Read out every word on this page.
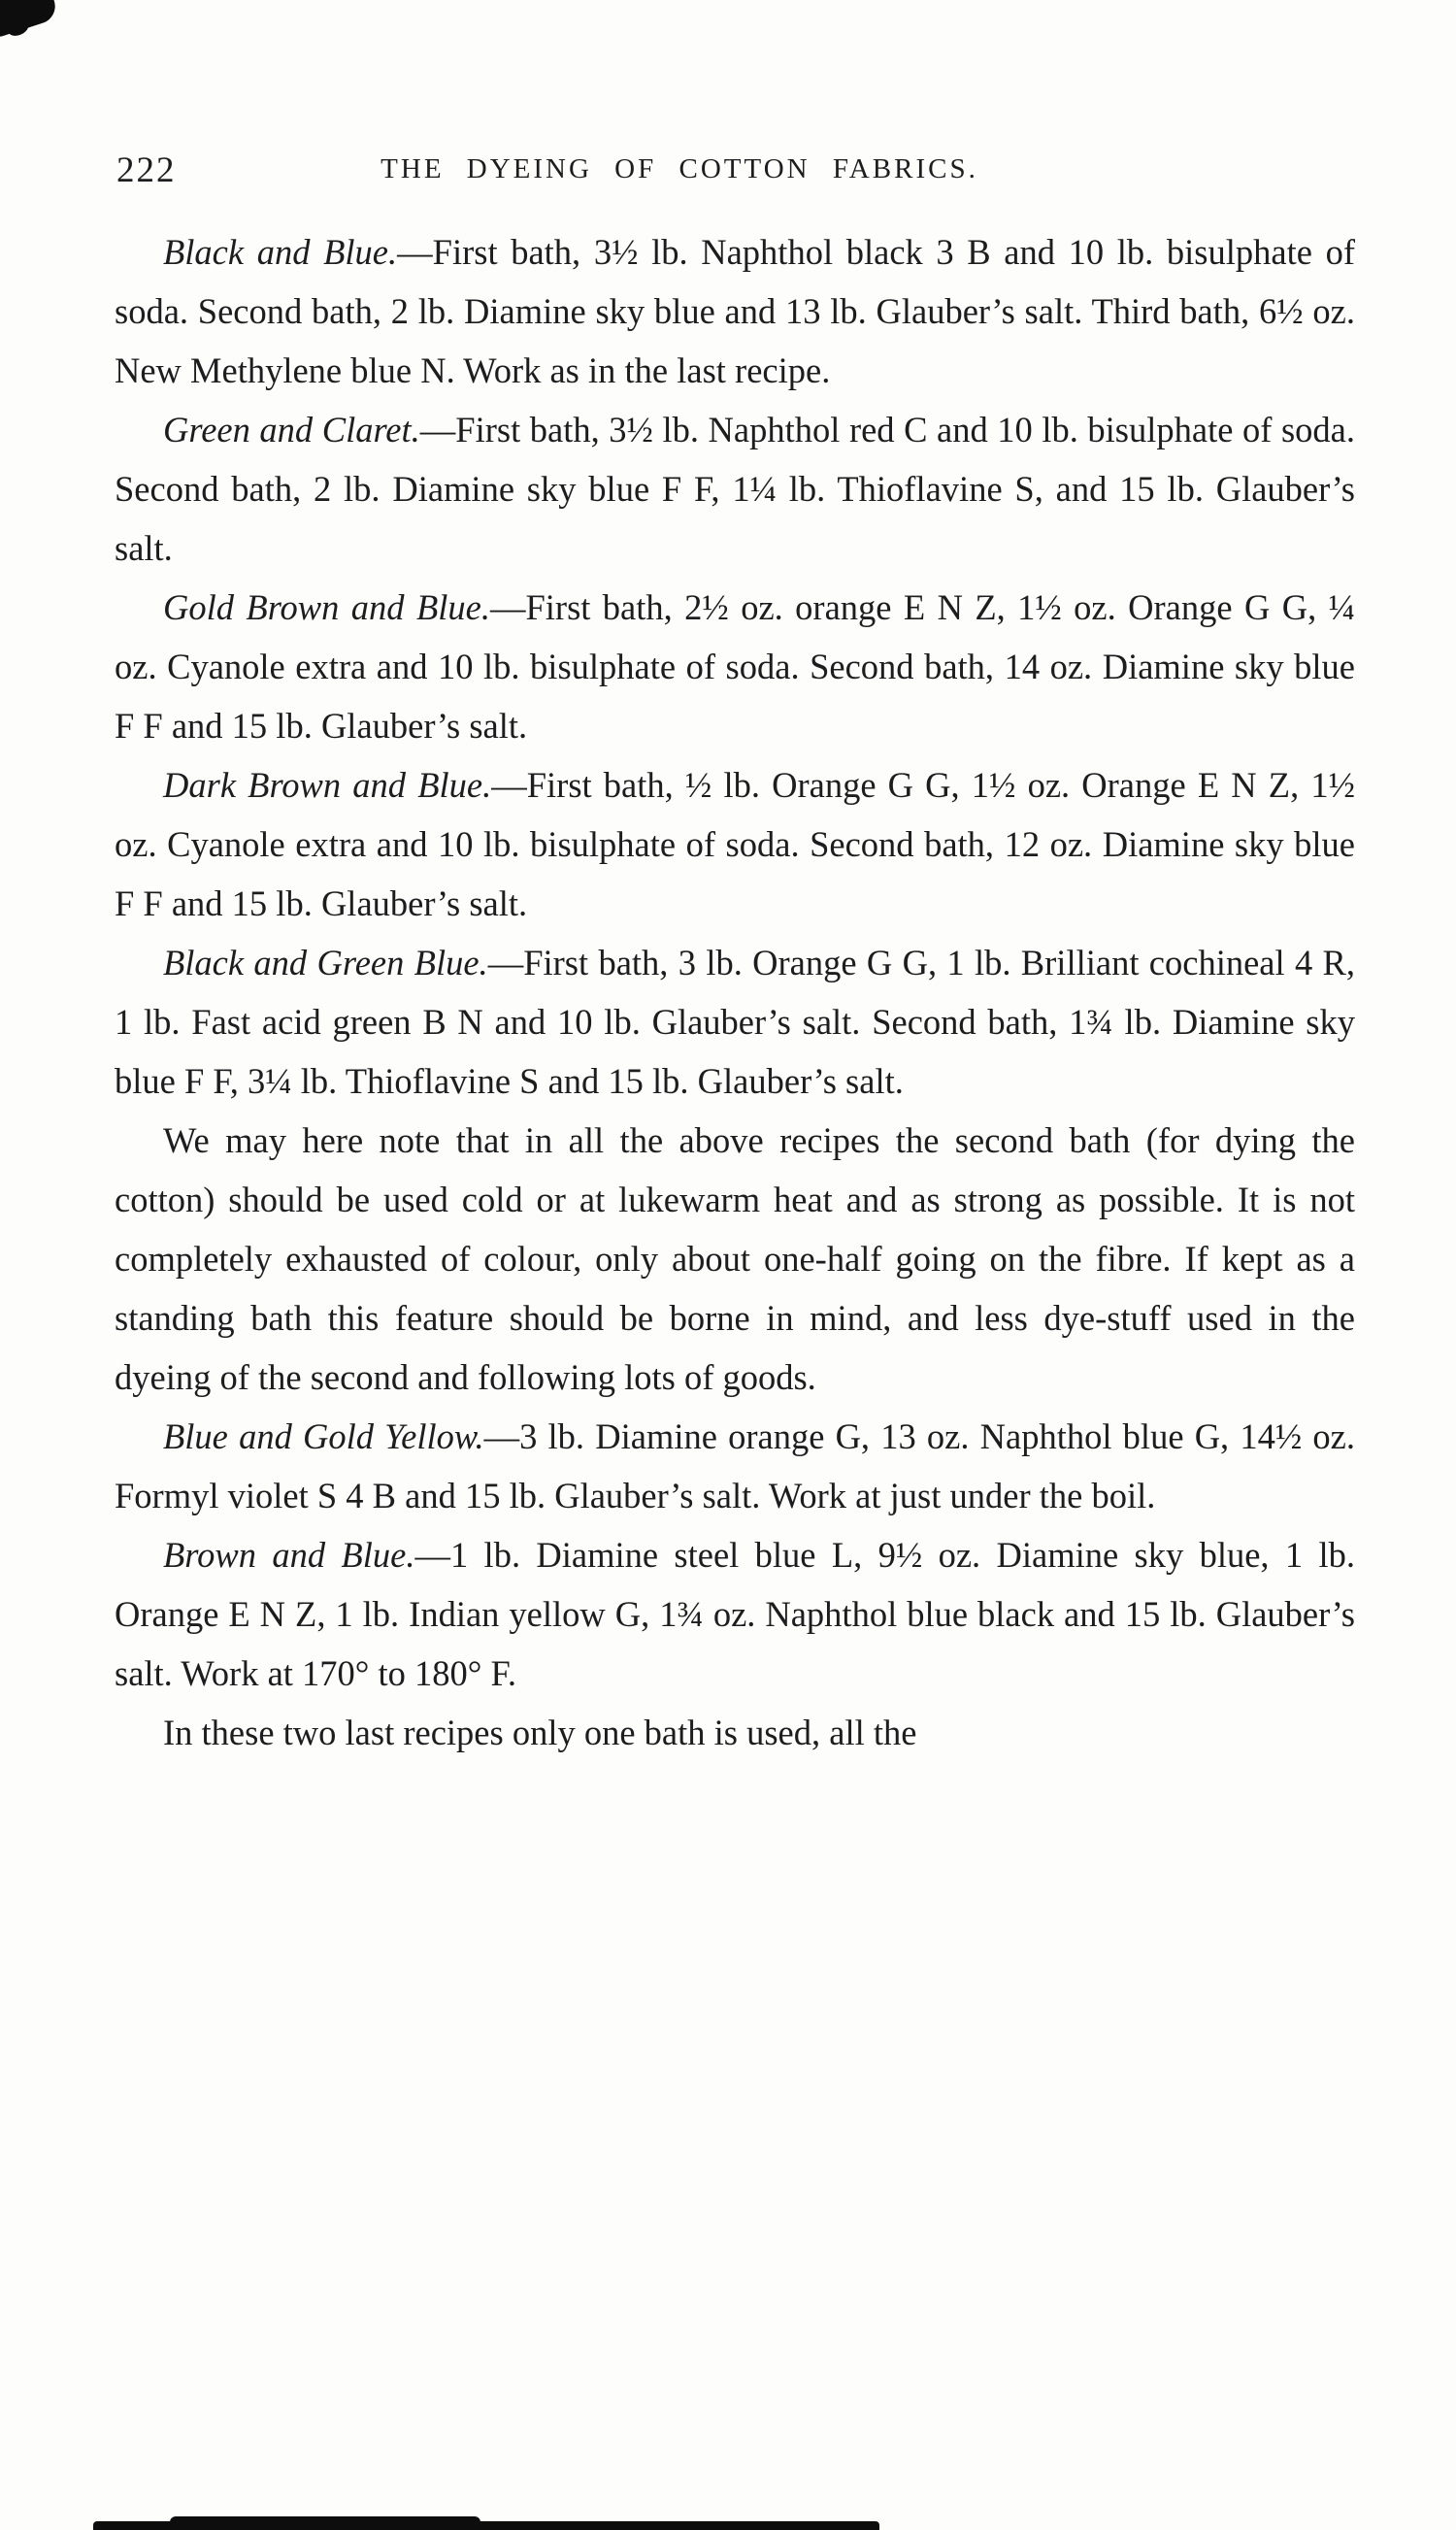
222	THE DYEING OF COTTON FABRICS.

Black and Blue.—First bath, 3½ lb. Naphthol black 3 B and 10 lb. bisulphate of soda. Second bath, 2 lb. Diamine sky blue and 13 lb. Glauber’s salt. Third bath, 6½ oz. New Methylene blue N. Work as in the last recipe.

Green and Claret.—First bath, 3½ lb. Naphthol red C and 10 lb. bisulphate of soda. Second bath, 2 lb. Diamine sky blue F F, 1¼ lb. Thioflavine S, and 15 lb. Glauber’s salt.

Gold Brown and Blue.—First bath, 2½ oz. orange E N Z, 1½ oz. Orange G G, ¼ oz. Cyanole extra and 10 lb. bisulphate of soda. Second bath, 14 oz. Diamine sky blue F F and 15 lb. Glauber’s salt.

Dark Brown and Blue.—First bath, ½ lb. Orange G G, 1½ oz. Orange E N Z, 1½ oz. Cyanole extra and 10 lb. bisulphate of soda. Second bath, 12 oz. Diamine sky blue F F and 15 lb. Glauber’s salt.

Black and Green Blue.—First bath, 3 lb. Orange G G, 1 lb. Brilliant cochineal 4 R, 1 lb. Fast acid green B N and 10 lb. Glauber’s salt. Second bath, 1¾ lb. Diamine sky blue F F, 3¼ lb. Thioflavine S and 15 lb. Glauber’s salt.

We may here note that in all the above recipes the second bath (for dying the cotton) should be used cold or at lukewarm heat and as strong as possible. It is not completely exhausted of colour, only about one-half going on the fibre. If kept as a standing bath this feature should be borne in mind, and less dye-stuff used in the dyeing of the second and following lots of goods.

Blue and Gold Yellow.—3 lb. Diamine orange G, 13 oz. Naphthol blue G, 14½ oz. Formyl violet S 4 B and 15 lb. Glauber’s salt. Work at just under the boil.

Brown and Blue.—1 lb. Diamine steel blue L, 9½ oz. Diamine sky blue, 1 lb. Orange E N Z, 1 lb. Indian yellow G, 1¾ oz. Naphthol blue black and 15 lb. Glauber’s salt. Work at 170° to 180° F.

In these two last recipes only one bath is used, all the
